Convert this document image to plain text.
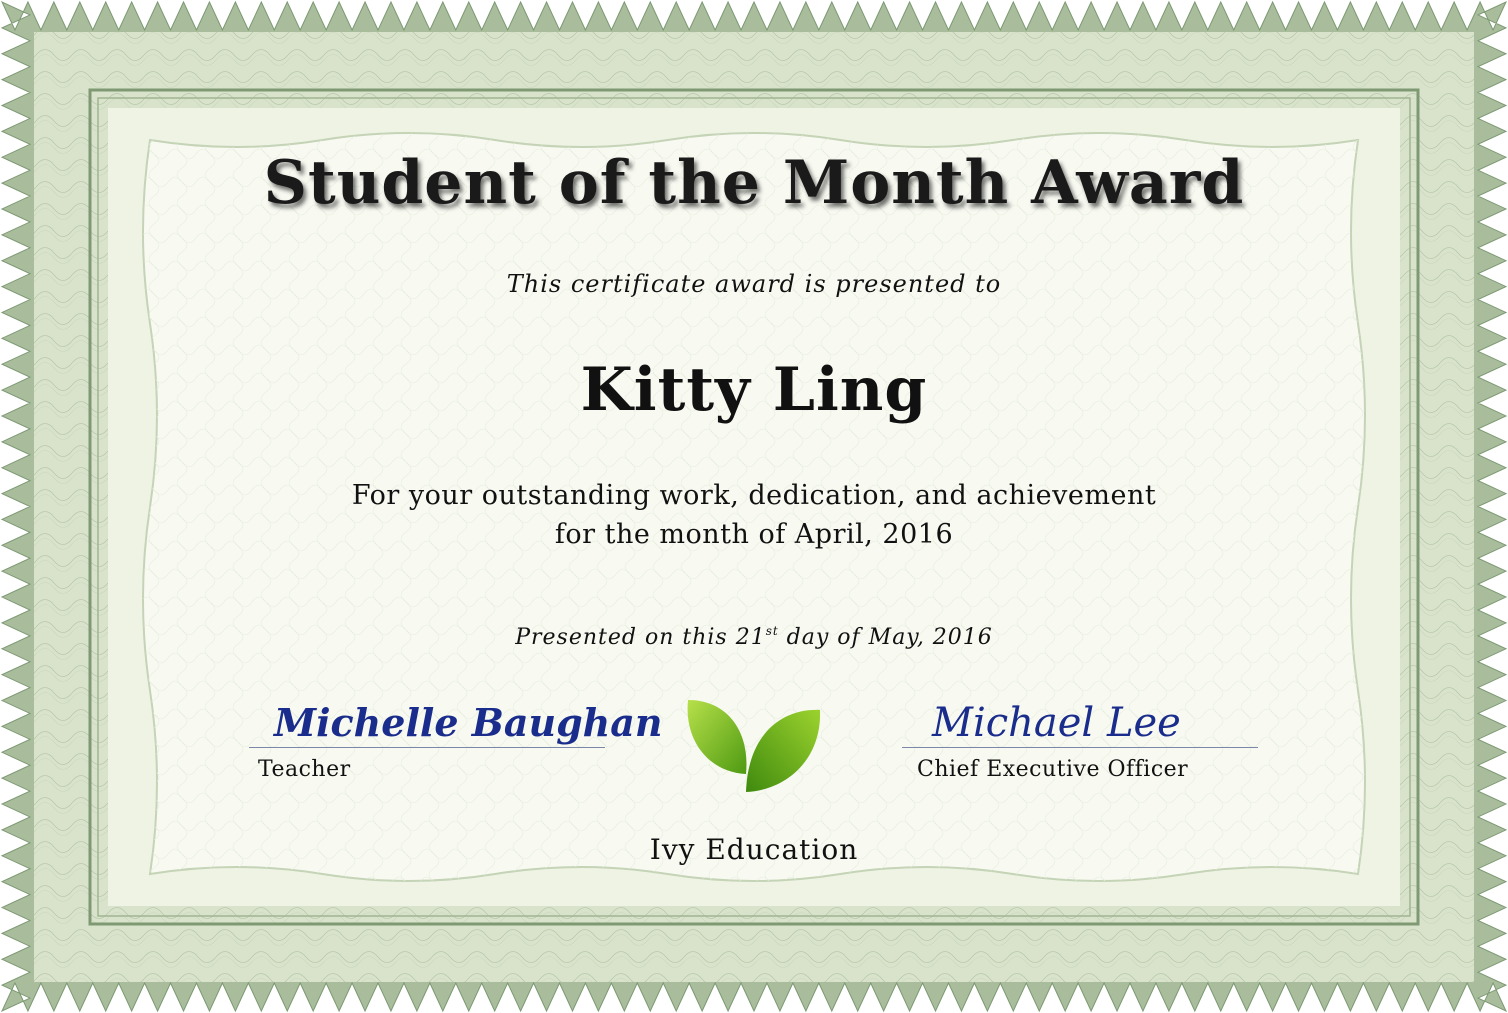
Student of the Month Award
This certificate award is presented to
Kitty Ling
For your outstanding work, dedication, and achievement
for the month of April, 2016
Presented on this 21st day of May, 2016
Michelle Baughan
Teacher
Michael Lee
Chief Executive Officer
Ivy Education
